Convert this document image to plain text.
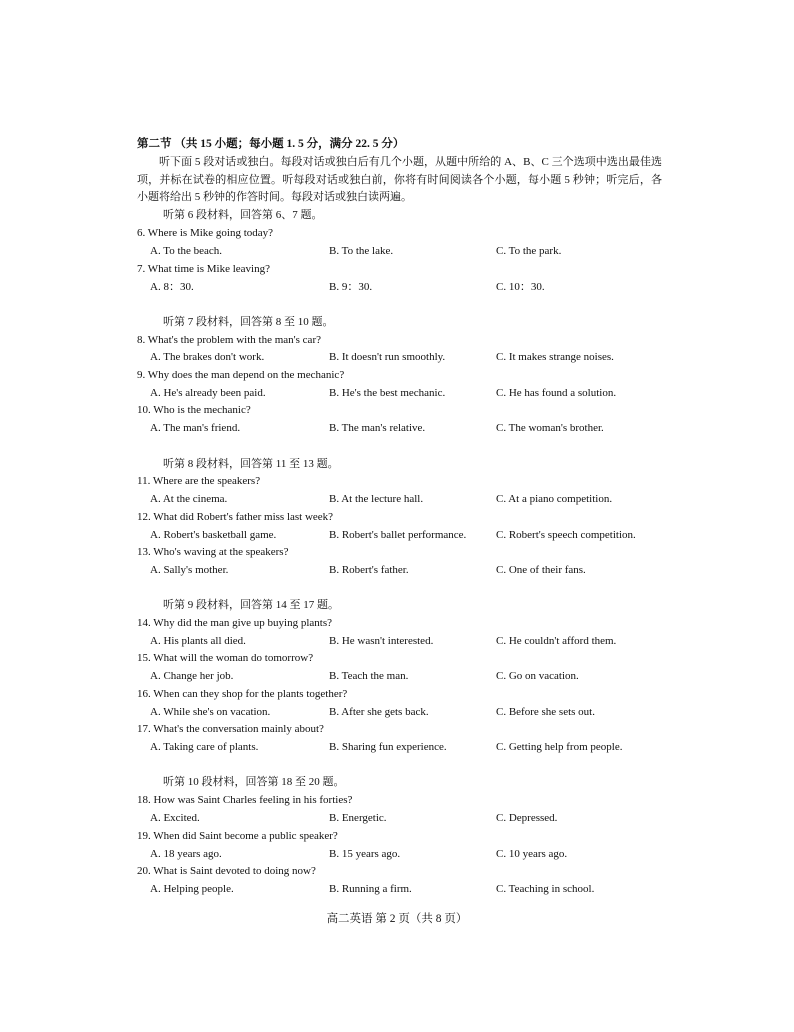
第二节 （共 15 小题；每小题 1. 5 分，满分 22. 5 分）
听下面 5 段对话或独白。每段对话或独白后有几个小题，从题中所给的 A、B、C 三个选项中选出最佳选项，并标在试卷的相应位置。听每段对话或独白前，你将有时间阅读各个小题，每小题 5 秒钟；听完后，各小题将给出 5 秒钟的作答时间。每段对话或独白读两遍。
听第 6 段材料，回答第 6、7 题。
6. Where is Mike going today?
A. To the beach.	B. To the lake.	C. To the park.
7. What time is Mike leaving?
A. 8：30.	B. 9：30.	C. 10：30.
听第 7 段材料，回答第 8 至 10 题。
8. What's the problem with the man's car?
A. The brakes don't work.	B. It doesn't run smoothly.	C. It makes strange noises.
9. Why does the man depend on the mechanic?
A. He's already been paid.	B. He's the best mechanic.	C. He has found a solution.
10. Who is the mechanic?
A. The man's friend.	B. The man's relative.	C. The woman's brother.
听第 8 段材料，回答第 11 至 13 题。
11. Where are the speakers?
A. At the cinema.	B. At the lecture hall.	C. At a piano competition.
12. What did Robert's father miss last week?
A. Robert's basketball game.	B. Robert's ballet performance.	C. Robert's speech competition.
13. Who's waving at the speakers?
A. Sally's mother.	B. Robert's father.	C. One of their fans.
听第 9 段材料，回答第 14 至 17 题。
14. Why did the man give up buying plants?
A. His plants all died.	B. He wasn't interested.	C. He couldn't afford them.
15. What will the woman do tomorrow?
A. Change her job.	B. Teach the man.	C. Go on vacation.
16. When can they shop for the plants together?
A. While she's on vacation.	B. After she gets back.	C. Before she sets out.
17. What's the conversation mainly about?
A. Taking care of plants.	B. Sharing fun experience.	C. Getting help from people.
听第 10 段材料，回答第 18 至 20 题。
18. How was Saint Charles feeling in his forties?
A. Excited.	B. Energetic.	C. Depressed.
19. When did Saint become a public speaker?
A. 18 years ago.	B. 15 years ago.	C. 10 years ago.
20. What is Saint devoted to doing now?
A. Helping people.	B. Running a firm.	C. Teaching in school.
高二英语 第 2 页（共 8 页）
